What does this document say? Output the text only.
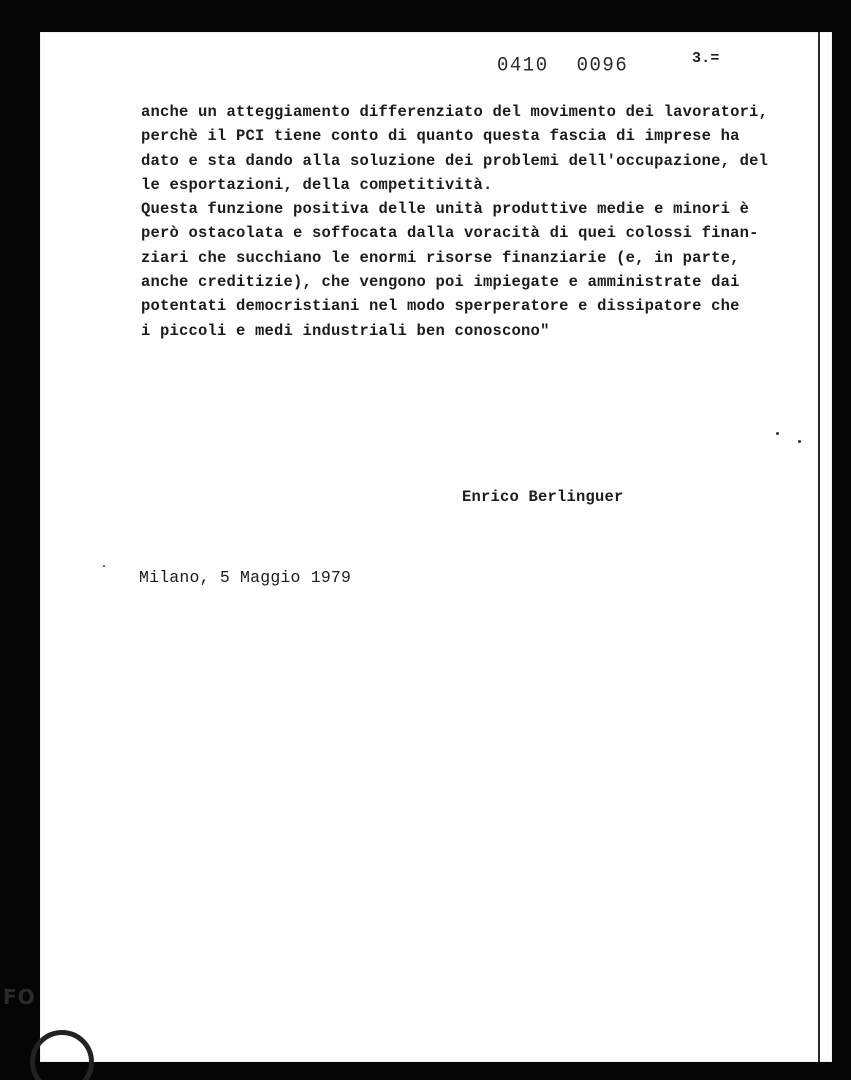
0410 0096	3.=
anche un atteggiamento differenziato del movimento dei lavoratori,
perchè il PCI tiene conto di quanto questa fascia di imprese ha
dato e sta dando alla soluzione dei problemi dell'occupazione, del
le esportazioni, della competitività.
Questa funzione positiva delle unità produttive medie e minori è
però ostacolata e soffocata dalla voracità di quei colossi finan-
ziari che succhiano le enormi risorse finanziarie (e, in parte,
anche creditizie), che vengono poi impiegate e amministrate dai
potentati democristiani nel modo sperperatore e dissipatore che
i piccoli e medi industriali ben conoscono"
Enrico Berlinguer
Milano, 5 Maggio 1979
FO
